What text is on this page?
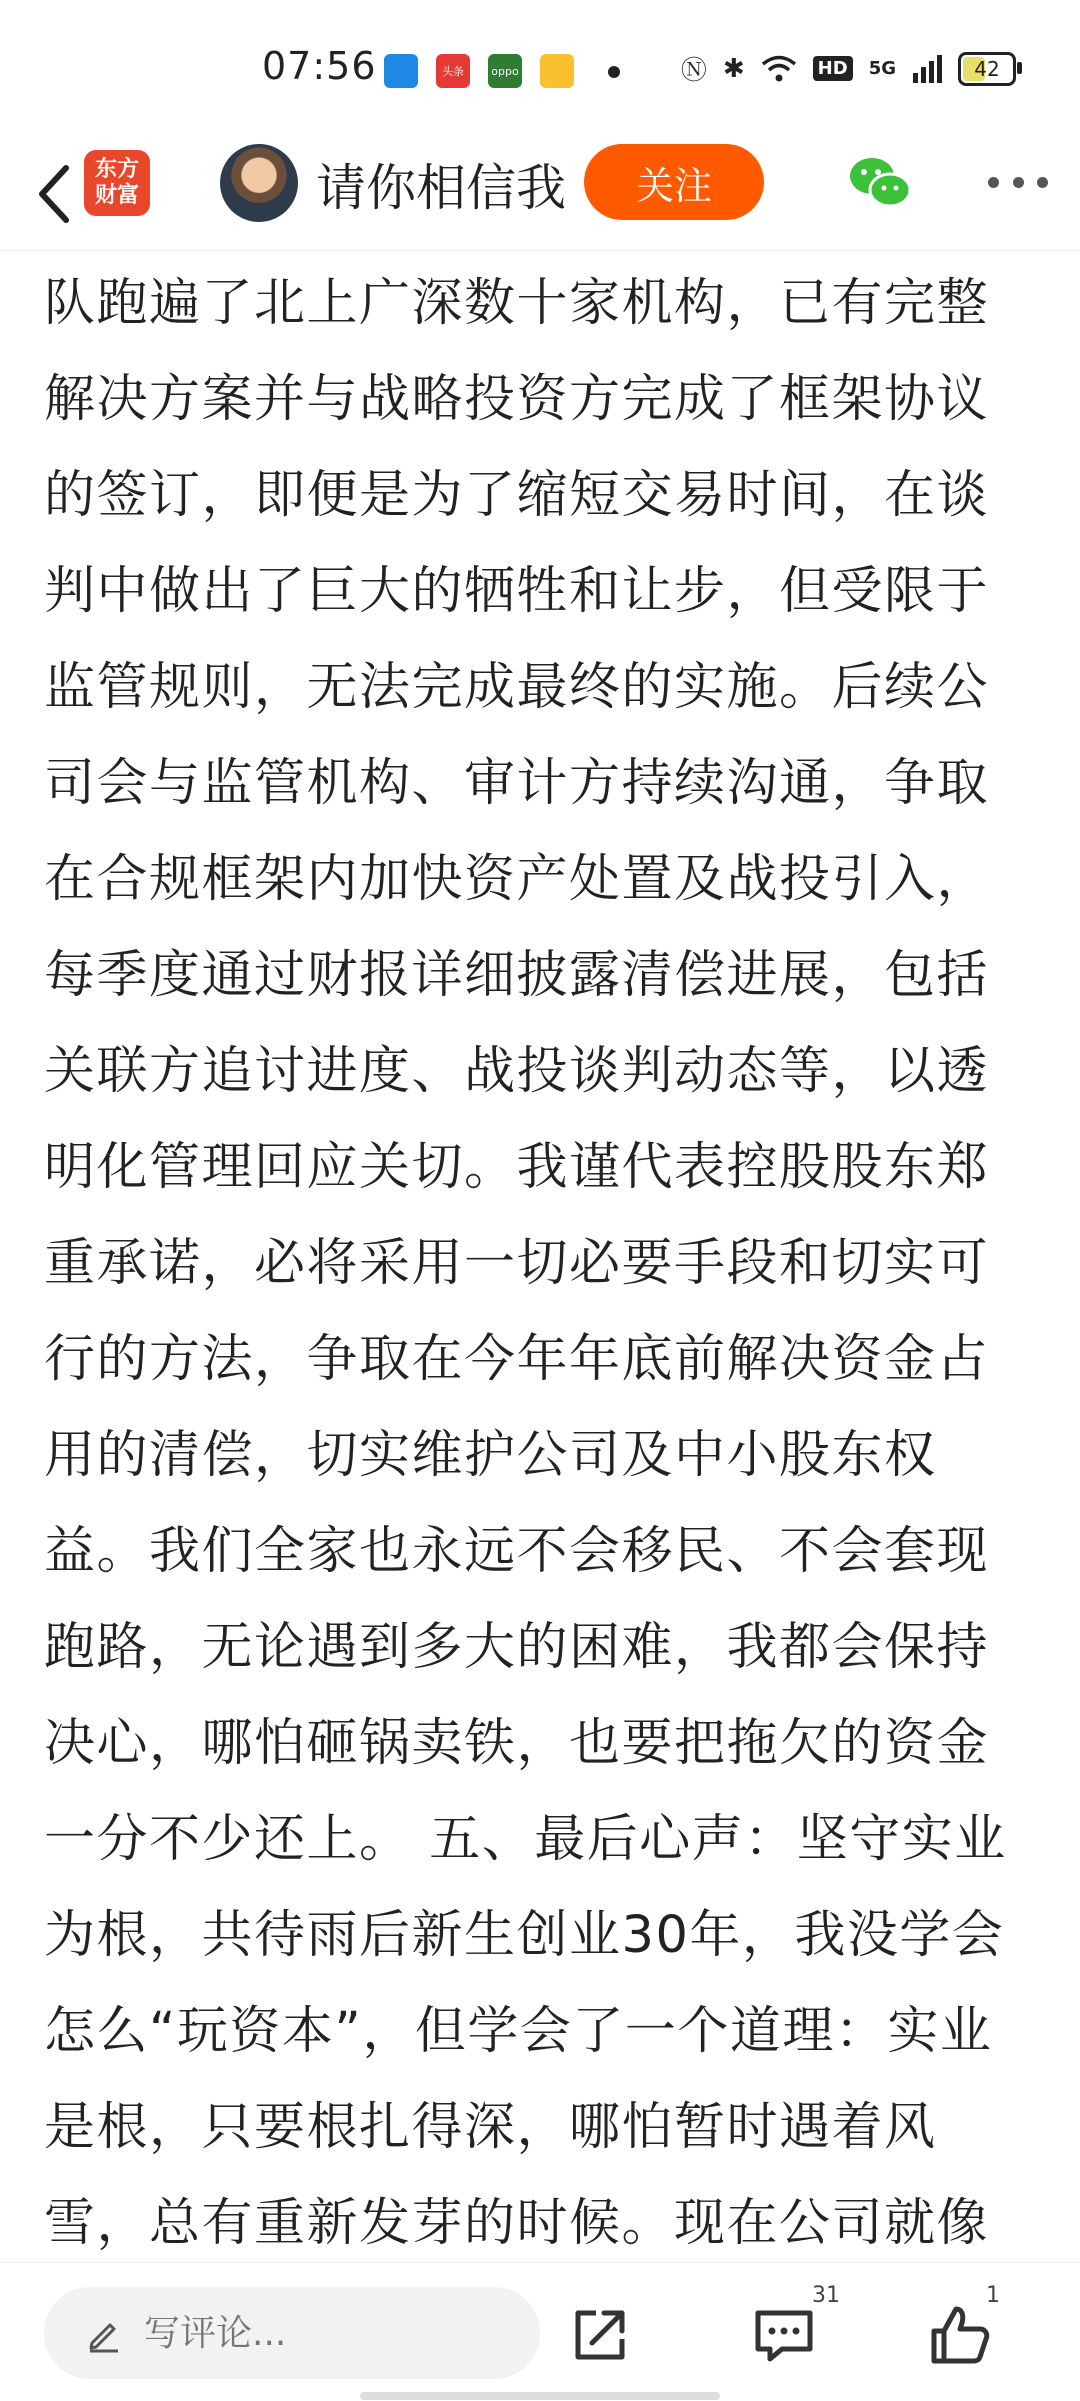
07:56	头条	oppo	Ⓝ ✱	HD 5G	42
东方
财富	请你相信我	关注
队跑遍了北上广深数十家机构，已有完整
解决方案并与战略投资方完成了框架协议
的签订，即便是为了缩短交易时间，在谈
判中做出了巨大的牺牲和让步，但受限于
监管规则，无法完成最终的实施。后续公
司会与监管机构、审计方持续沟通，争取
在合规框架内加快资产处置及战投引入，
每季度通过财报详细披露清偿进展，包括
关联方追讨进度、战投谈判动态等，以透
明化管理回应关切。我谨代表控股股东郑
重承诺，必将采用一切必要手段和切实可
行的方法，争取在今年年底前解决资金占
用的清偿，切实维护公司及中小股东权
益。我们全家也永远不会移民、不会套现
跑路，无论遇到多大的困难，我都会保持
决心，哪怕砸锅卖铁，也要把拖欠的资金
一分不少还上。 五、最后心声：坚守实业
为根，共待雨后新生创业30年，我没学会
怎么“玩资本”，但学会了一个道理：实业
是根，只要根扎得深，哪怕暂时遇着风
雪，总有重新发芽的时候。现在公司就像
写评论...
31	1
